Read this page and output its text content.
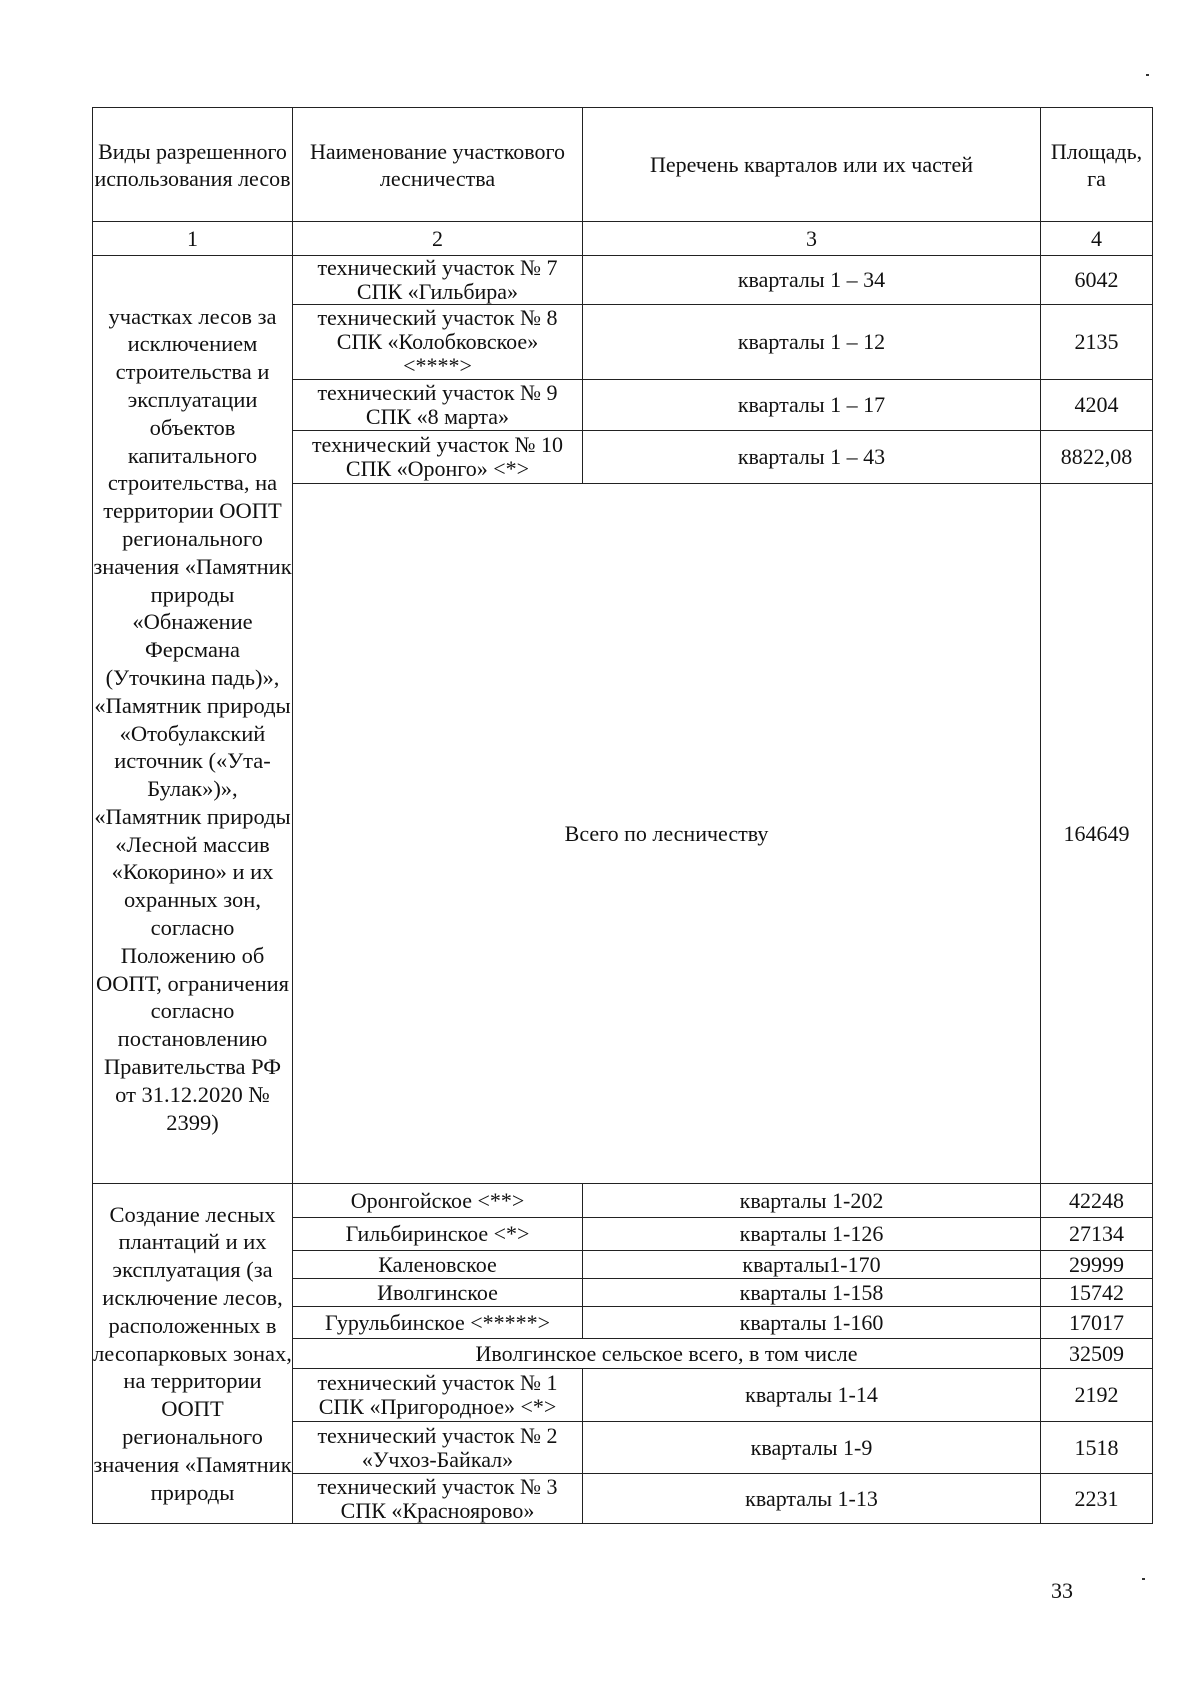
Виды разрешенного использования лесов	Наименование участкового лесничества	Перечень кварталов или их частей	Площадь, га
1	2	3	4
участках лесов за исключением строительства и эксплуатации объектов капитального строительства, на территории ООПТ регионального значения «Памятник природы «Обнажение Ферсмана (Уточкина падь)», «Памятник природы «Отобулакский источник («Ута-Булак»)», «Памятник природы «Лесной массив «Кокорино» и их охранных зон, согласно Положению об ООПТ, ограничения согласно постановлению Правительства РФ от 31.12.2020 № 2399)	технический участок № 7
СПК «Гильбира»	кварталы 1 – 34	6042

	технический участок № 8
СПК «Колобковское»
<****>	кварталы 1 – 12	2135

	технический участок № 9
СПК «8 марта»	кварталы 1 – 17	4204

	технический участок № 10
СПК «Оронго» <*>	кварталы 1 – 43	8822,08
	Всего по лесничеству		164649
Создание лесных плантаций и их эксплуатация (за исключение лесов, расположенных в лесопарковых зонах, на территории ООПТ регионального значения «Памятник природы	Оронгойское <**>	кварталы 1-202	42248
	Гильбиринское <*>	кварталы 1-126	27134
	Каленовское	кварталы1-170	29999
	Иволгинское	кварталы 1-158	15742
	Гурульбинское <*****>	кварталы 1-160	17017
	Иволгинское сельское всего, в том числе		32509

	технический участок № 1
СПК «Пригородное» <*>	кварталы 1-14	2192

	технический участок № 2
«Учхоз-Байкал»	кварталы 1-9	1518

	технический участок № 3
СПК «Красноярово»	кварталы 1-13	2231
33
